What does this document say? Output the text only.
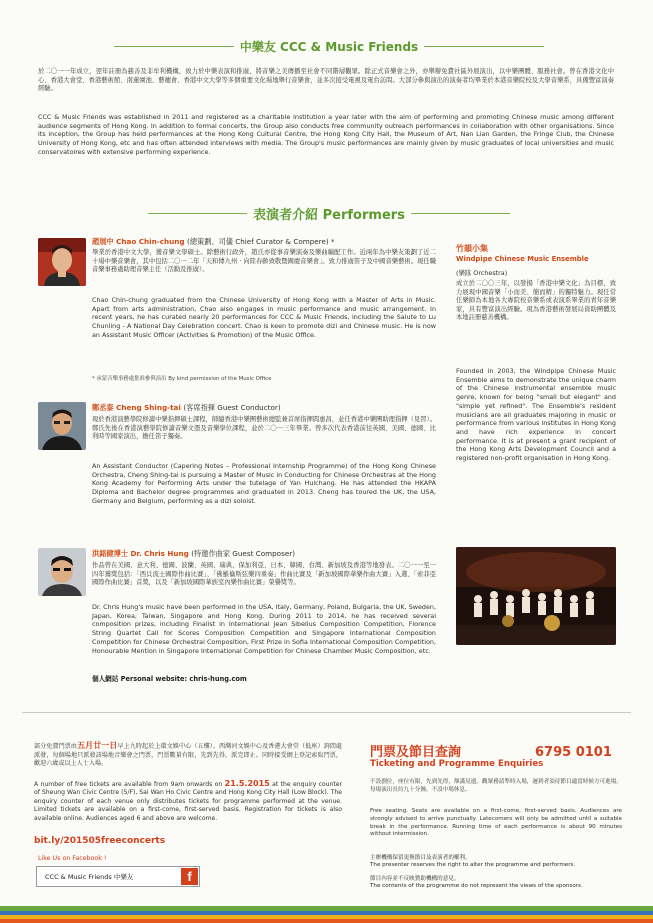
中樂友 CCC & Music Friends
於二〇一一年成立，翌年註冊為慈善及非牟利機構，致力於中樂表演和推廣，將音樂之美傳播至社會不同階層觀眾。除正式音樂會之外，亦舉辦免費社區外展演出，以中樂團體、服務社會。曾在香港文化中心、香港大會堂、香港藝術館、南蓮園池、藝穗會、香港中文大學等多個重要文化場地舉行音樂會，並多次接受電視及電台訪問。大部分參與演出的演奏者均畢業於本港音樂院校及大學音樂系，具備豐富演奏經驗。
CCC & Music Friends was established in 2011 and registered as a charitable institution a year later with the aim of performing and promoting Chinese music among different audience segments of Hong Kong. In addition to formal concerts, the Group also conducts free community outreach performances in collaboration with other organisations. Since its inception, the Group has held performances at the Hong Kong Cultural Centre, the Hong Kong City Hall, the Museum of Art, Nan Lian Garden, the Fringe Club, the Chinese University of Hong Kong, etc and has often attended interviews with media. The Group's music performances are mainly given by music graduates of local universities and music conservatoires with extensive performing experience.
表演者介紹 Performers
趙展中 Chao Chin-chung (總策劃、司儀 Chief Curator & Compere) *
畢業於香港中文大學，獲音樂文學碩士。除藝術行政外，趙氏亦從事音樂演奏及樂曲編配工作。近兩年為中樂友策劃了近二十場中樂音樂會，其中包括二〇一二年「天和傳九州 · 向陸春齡致敬暨國慶音樂會」。致力推廣笛子及中國音樂藝術。現任職音樂事務處助理音樂主任（活動及推廣）。
Chao Chin-chung graduated from the Chinese University of Hong Kong with a Master of Arts in Music. Apart from arts administration, Chao also engages in music performance and music arrangement. In recent years, he has curated nearly 20 performances for CCC & Music Friends, including the Salute to Lu Chunling - A National Day Celebration concert. Chao is keen to promote dizi and Chinese music. He is now an Assistant Music Officer (Activities & Promotion) of the Music Office.
* 承蒙音樂事務處批准參與演出 By kind permission of the Music Office
鄭丞泰 Cheng Shing-tai (客席指揮 Guest Conductor)
現於香港演藝學院修讀中樂指揮碩士課程，師隨香港中樂團藝術總監兼首席指揮閻惠昌，並任香港中樂團助理指揮（見習）。鄭氏先後在香港演藝學院修讀音樂文憑及音樂學位課程，並於二〇一三年畢業。曾多次代表香港前往英國、美國、德國、比利時等國家演出，擔任笛子獨奏。
An Assistant Conductor (Capering Notes – Professional Internship Programme) of the Hong Kong Chinese Orchestra, Cheng Shing-tai is pursuing a Master of Music in Conducting for Chinese Orchestras at the Hong Kong Academy for Performing Arts under the tutelage of Yan Huichang. He has attended the HKAPA Diploma and Bachelor degree programmes and graduated in 2013. Cheng has toured the UK, the USA, Germany and Belgium, performing as a dizi soloist.
洪銘健博士 Dr. Chris Hung (特邀作曲家 Guest Composer)
作品曾在美國、意大利、德國、波蘭、英國、瑞典、保加利亞、日本、韓國、台灣、新加坡及香港等地發表。二〇一一至一四年獲獎包括：「西貝流士國際作曲比賽」、「佛羅倫斯弦樂四重奏」作曲比賽及「新加坡國際華樂作曲大賽」入選、「索菲亞國際作曲比賽」首獎，以及「新加坡國際華族室內樂作曲比賽」榮譽獎等。
Dr. Chris Hung's music have been performed in the USA, Italy, Germany, Poland, Bulgaria, the UK, Sweden, Japan, Korea, Taiwan, Singapore and Hong Kong. During 2011 to 2014, he has received several composition prizes, including Finalist in International Jean Sibelius Composition Competition, Florence String Quartet Call for Scores Composition Competition and Singapore International Composition Competition for Chinese Orchestral Composition, First Prize in Sofia International Composition Competition, Honourable Mention in Singapore International Competition for Chinese Chamber Music Composition, etc.
個人網站 Personal website: chris-hung.com
竹韻小集
Windpipe Chinese Music Ensemble
(樂隊 Orchestra)
成立於二〇〇三年，以發揚「香港中樂文化」為目標，致力展現中國音樂「小而美、簡而精」的獨特魅力。現任常任樂師為本地各大專院校音樂系或表演系畢業的青年音樂家，具有豐富演出經驗。現為香港藝術發展局資助團體及本地註冊慈善機構。
Founded in 2003, the Windpipe Chinese Music Ensemble aims to demonstrate the unique charm of the Chinese instrumental ensemble music genre, known for being "small but elegant" and "simple yet refined". The Ensemble's resident musicians are all graduates majoring in music or performance from various institutes in Hong Kong and have rich experience in concert performance. It is at present a grant recipient of the Hong Kong Arts Development Council and a registered non-profit organisation in Hong Kong.
部分免費門票由五月廿一日早上九時起於上環文娛中心（五樓）、西灣河文娛中心及香港大會堂（低座）詢問處派發，每個場地只派發該場地音樂會之門票，門票數量有限，先到先得，派完即止。同時接受網上登記索取門票，歡迎六歲或以上人士入場。
A number of free tickets are available from 9am onwards on 21.5.2015 at the enquiry counter of Sheung Wan Civic Centre (5/F), Sai Wan Ho Civic Centre and Hong Kong City Hall (Low Block). The enquiry counter of each venue only distributes tickets for programme performed at the venue. Limited tickets are available on a first-come, first-served basis. Registration for tickets is also available online. Audiences aged 6 and above are welcome.
bit.ly/201505freeconcerts
Like Us on Facebook !
CCC & Music Friends 中樂友	f
門票及節目查詢
Ticketing and Programme Enquiries
6795 0101
不設劃位，座位有限，先到先得，額滿見遺。觀眾務請準時入場，遲到者須待節目適當時候方可進場。每場演出長約九十分鐘，不設中場休息。
Free seating. Seats are available on a first-come, first-served basis. Audiences are strongly advised to arrive punctually. Latecomers will only be admitted until a suitable break in the performance. Running time of each performance is about 90 minutes without intermission.
主辦機構保留更換節目及表演者的權利。
The presenter reserves the right to alter the programme and performers.
節目內容並不反映贊助機構的意見。
The contents of the programme do not represent the views of the sponsors.
